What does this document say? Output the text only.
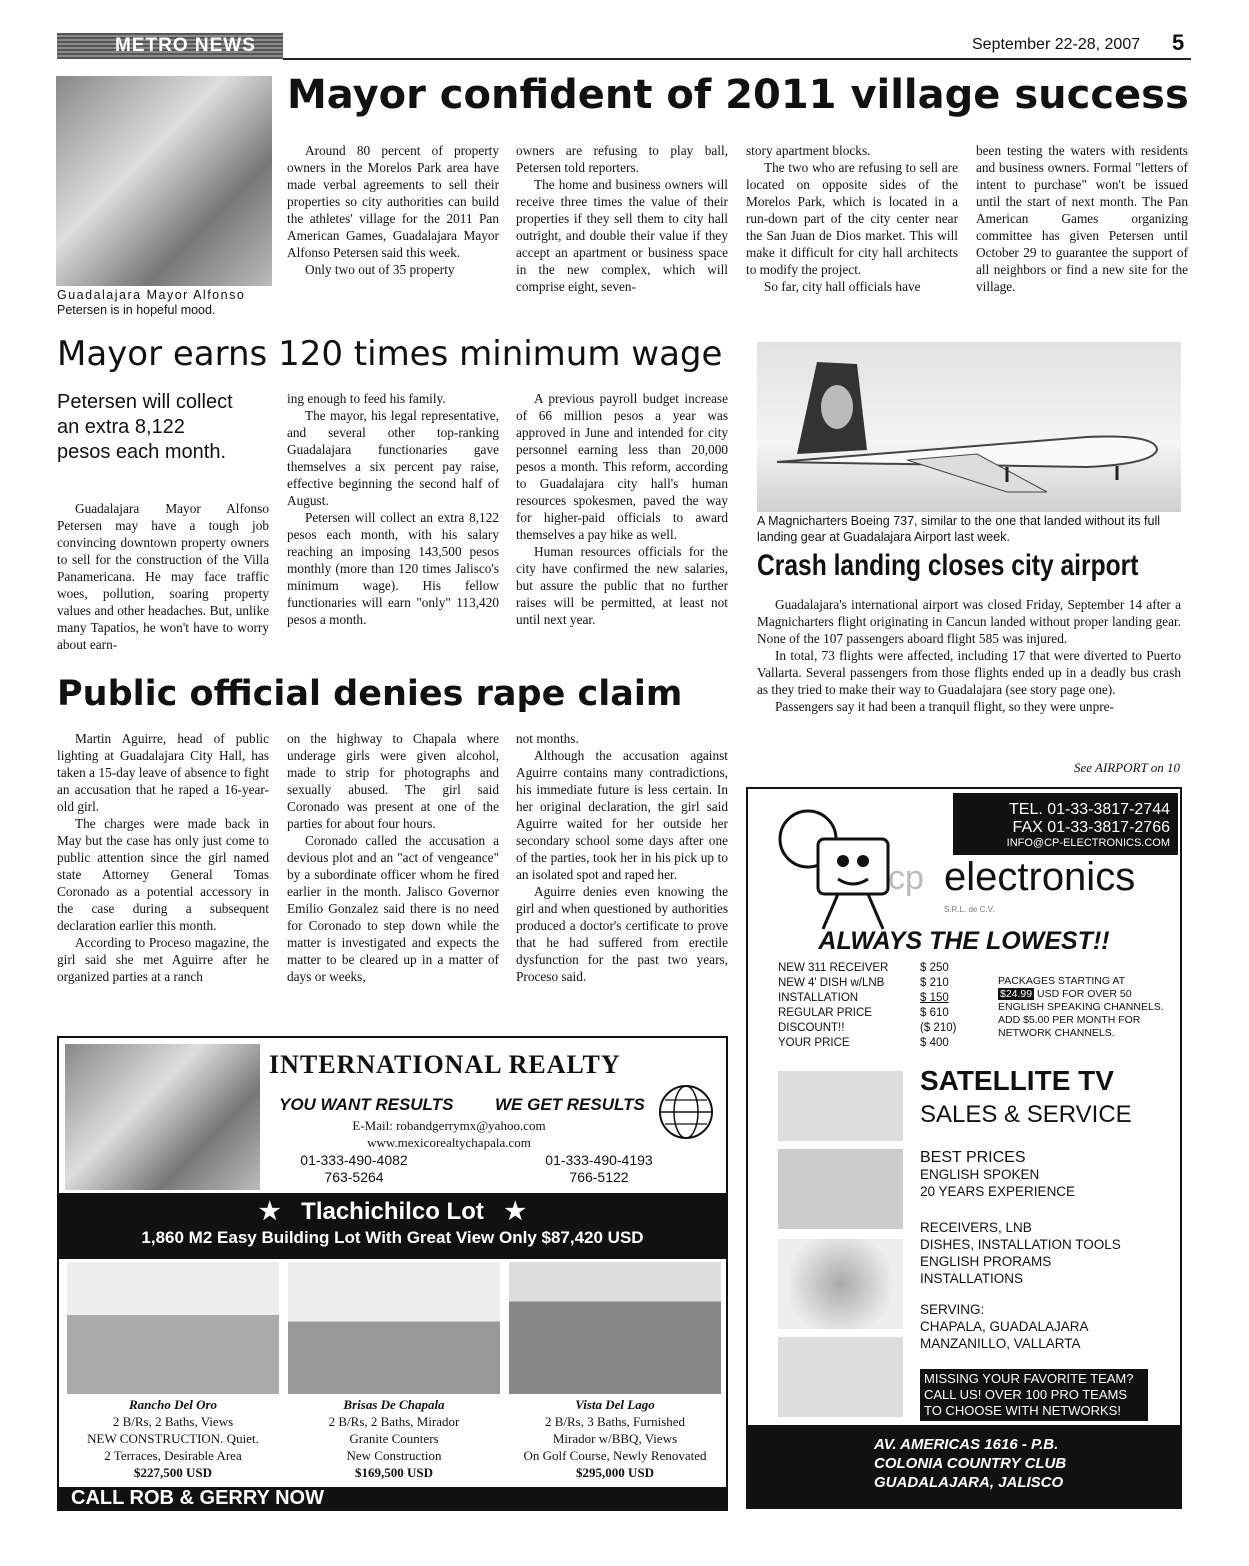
METRO NEWS	September 22-28, 2007 5
Guadalajara Mayor Alfonso
Petersen is in hopeful mood.
Mayor confident of 2011 village success

Around 80 percent of property owners in the Morelos Park area have made verbal agreements to sell their properties so city authorities can build the athletes' village for the 2011 Pan American Games, Guadalajara Mayor Alfonso Petersen said this week.

Only two out of 35 property

owners are refusing to play ball, Petersen told reporters.

The home and business owners will receive three times the value of their properties if they sell them to city hall outright, and double their value if they accept an apartment or business space in the new complex, which will comprise eight, seven-

story apartment blocks.

The two who are refusing to sell are located on opposite sides of the Morelos Park, which is located in a run-down part of the city center near the San Juan de Dios market. This will make it difficult for city hall architects to modify the project.

So far, city hall officials have

been testing the waters with residents and business owners. Formal "letters of intent to purchase" won't be issued until the start of next month. The Pan American Games organizing committee has given Petersen until October 29 to guarantee the support of all neighbors or find a new site for the village.

Mayor earns 120 times minimum wage
Petersen will collect an extra 8,122 pesos each month.

Guadalajara Mayor Alfonso Petersen may have a tough job convincing downtown property owners to sell for the construction of the Villa Panamericana. He may face traffic woes, pollution, soaring property values and other headaches. But, unlike many Tapatios, he won't have to worry about earn-

ing enough to feed his family.

The mayor, his legal representative, and several other top-ranking Guadalajara functionaries gave themselves a six percent pay raise, effective beginning the second half of August.

Petersen will collect an extra 8,122 pesos each month, with his salary reaching an imposing 143,500 pesos monthly (more than 120 times Jalisco's minimum wage). His fellow functionaries will earn "only" 113,420 pesos a month.

A previous payroll budget increase of 66 million pesos a year was approved in June and intended for city personnel earning less than 20,000 pesos a month. This reform, according to Guadalajara city hall's human resources spokesmen, paved the way for higher-paid officials to award themselves a pay hike as well.

Human resources officials for the city have confirmed the new salaries, but assure the public that no further raises will be permitted, at least not until next year.

Public official denies rape claim

Martin Aguirre, head of public lighting at Guadalajara City Hall, has taken a 15-day leave of absence to fight an accusation that he raped a 16-year-old girl.

The charges were made back in May but the case has only just come to public attention since the girl named state Attorney General Tomas Coronado as a potential accessory in the case during a subsequent declaration earlier this month.

According to Proceso magazine, the girl said she met Aguirre after he organized parties at a ranch

on the highway to Chapala where underage girls were given alcohol, made to strip for photographs and sexually abused. The girl said Coronado was present at one of the parties for about four hours.

Coronado called the accusation a devious plot and an "act of vengeance" by a subordinate officer whom he fired earlier in the month. Jalisco Governor Emilio Gonzalez said there is no need for Coronado to step down while the matter is investigated and expects the matter to be cleared up in a matter of days or weeks,

not months.

Although the accusation against Aguirre contains many contradictions, his immediate future is less certain. In her original declaration, the girl said Aguirre waited for her outside her secondary school some days after one of the parties, took her in his pick up to an isolated spot and raped her.

Aguirre denies even knowing the girl and when questioned by authorities produced a doctor's certificate to prove that he had suffered from erectile dysfunction for the past two years, Proceso said.

A Magnicharters Boeing 737, similar to the one that landed without its full landing gear at Guadalajara Airport last week.
Crash landing closes city airport

Guadalajara's international airport was closed Friday, September 14 after a Magnicharters flight originating in Cancun landed without proper landing gear. None of the 107 passengers aboard flight 585 was injured.

In total, 73 flights were affected, including 17 that were diverted to Puerto Vallarta. Several passengers from those flights ended up in a deadly bus crash as they tried to make their way to Guadalajara (see story page one).

Passengers say it had been a tranquil flight, so they were unpre-

See AIRPORT on 10
INTERNATIONAL REALTY
YOU WANT RESULTS WE GET RESULTS
E-Mail: robandgerrymx@yahoo.com
www.mexicorealtychapala.com
01-333-490-4082
763-5264
01-333-490-4193
766-5122
★ Tlachichilco Lot ★
1,860 M2 Easy Building Lot With Great View Only $87,420 USD
Rancho Del Oro
2 B/Rs, 2 Baths, Views
NEW CONSTRUCTION. Quiet.
2 Terraces, Desirable Area
$227,500 USD
Brisas De Chapala
2 B/Rs, 2 Baths, Mirador
Granite Counters
New Construction
$169,500 USD
Vista Del Lago
2 B/Rs, 3 Baths, Furnished
Mirador w/BBQ, Views
On Golf Course, Newly Renovated
$295,000 USD
CALL ROB & GERRY NOW
TEL. 01-33-3817-2744
FAX 01-33-3817-2766
INFO@CP-ELECTRONICS.COM
cp electronics
S.R.L. de C.V.
ALWAYS THE LOWEST!!
NEW 311 RECEIVER	$ 250
NEW 4' DISH w/LNB	$ 210
INSTALLATION	$ 150
REGULAR PRICE	$ 610
DISCOUNT!!	($ 210)
YOUR PRICE	$ 400
PACKAGES STARTING AT
$24.99 USD FOR OVER 50
ENGLISH SPEAKING CHANNELS.
ADD $5.00 PER MONTH FOR
NETWORK CHANNELS.
SATELLITE TV
SALES & SERVICE
BEST PRICES
ENGLISH SPOKEN
20 YEARS EXPERIENCE
RECEIVERS, LNB
DISHES, INSTALLATION TOOLS
ENGLISH PRORAMS
INSTALLATIONS
SERVING:
CHAPALA, GUADALAJARA
MANZANILLO, VALLARTA
MISSING YOUR FAVORITE TEAM?
CALL US! OVER 100 PRO TEAMS
TO CHOOSE WITH NETWORKS!
AV. AMERICAS 1616 - P.B.
COLONIA COUNTRY CLUB
GUADALAJARA, JALISCO
